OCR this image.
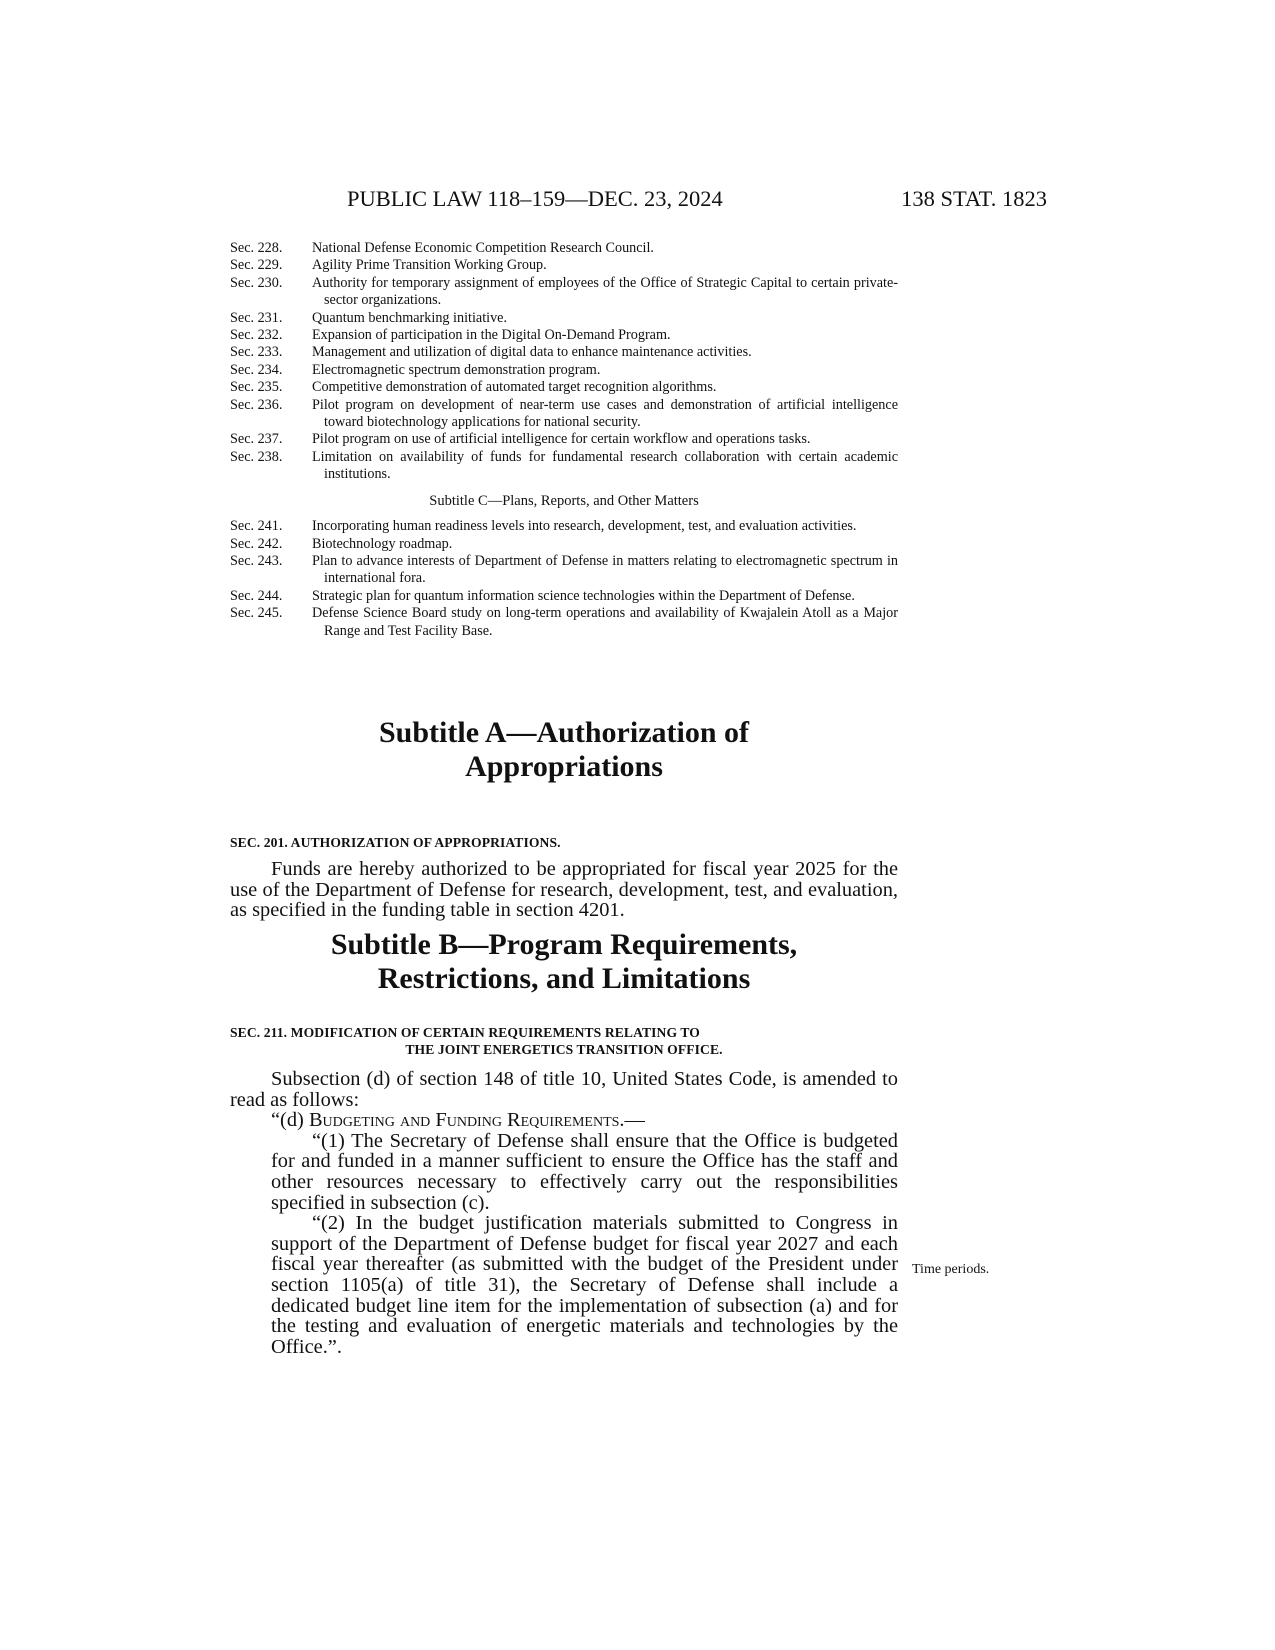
PUBLIC LAW 118–159—DEC. 23, 2024	138 STAT. 1823
Sec. 228. National Defense Economic Competition Research Council.
Sec. 229. Agility Prime Transition Working Group.
Sec. 230. Authority for temporary assignment of employees of the Office of Strategic Capital to certain private-sector organizations.
Sec. 231. Quantum benchmarking initiative.
Sec. 232. Expansion of participation in the Digital On-Demand Program.
Sec. 233. Management and utilization of digital data to enhance maintenance activities.
Sec. 234. Electromagnetic spectrum demonstration program.
Sec. 235. Competitive demonstration of automated target recognition algorithms.
Sec. 236. Pilot program on development of near-term use cases and demonstration of artificial intelligence toward biotechnology applications for national security.
Sec. 237. Pilot program on use of artificial intelligence for certain workflow and operations tasks.
Sec. 238. Limitation on availability of funds for fundamental research collaboration with certain academic institutions.
Subtitle C—Plans, Reports, and Other Matters
Sec. 241. Incorporating human readiness levels into research, development, test, and evaluation activities.
Sec. 242. Biotechnology roadmap.
Sec. 243. Plan to advance interests of Department of Defense in matters relating to electromagnetic spectrum in international fora.
Sec. 244. Strategic plan for quantum information science technologies within the Department of Defense.
Sec. 245. Defense Science Board study on long-term operations and availability of Kwajalein Atoll as a Major Range and Test Facility Base.
Subtitle A—Authorization of
Appropriations
SEC. 201. AUTHORIZATION OF APPROPRIATIONS.
Funds are hereby authorized to be appropriated for fiscal year 2025 for the use of the Department of Defense for research, development, test, and evaluation, as specified in the funding table in section 4201.
Subtitle B—Program Requirements,
Restrictions, and Limitations
SEC. 211. MODIFICATION OF CERTAIN REQUIREMENTS RELATING TO
THE JOINT ENERGETICS TRANSITION OFFICE.

Subsection (d) of section 148 of title 10, United States Code, is amended to read as follows:

“(d) Budgeting and Funding Requirements.—

“(1) The Secretary of Defense shall ensure that the Office is budgeted for and funded in a manner sufficient to ensure the Office has the staff and other resources necessary to effectively carry out the responsibilities specified in subsection (c).

“(2) In the budget justification materials submitted to Congress in support of the Department of Defense budget for fiscal year 2027 and each fiscal year thereafter (as submitted with the budget of the President under section 1105(a) of title 31), the Secretary of Defense shall include a dedicated budget line item for the implementation of subsection (a) and for the testing and evaluation of energetic materials and technologies by the Office.”.

Time periods.
